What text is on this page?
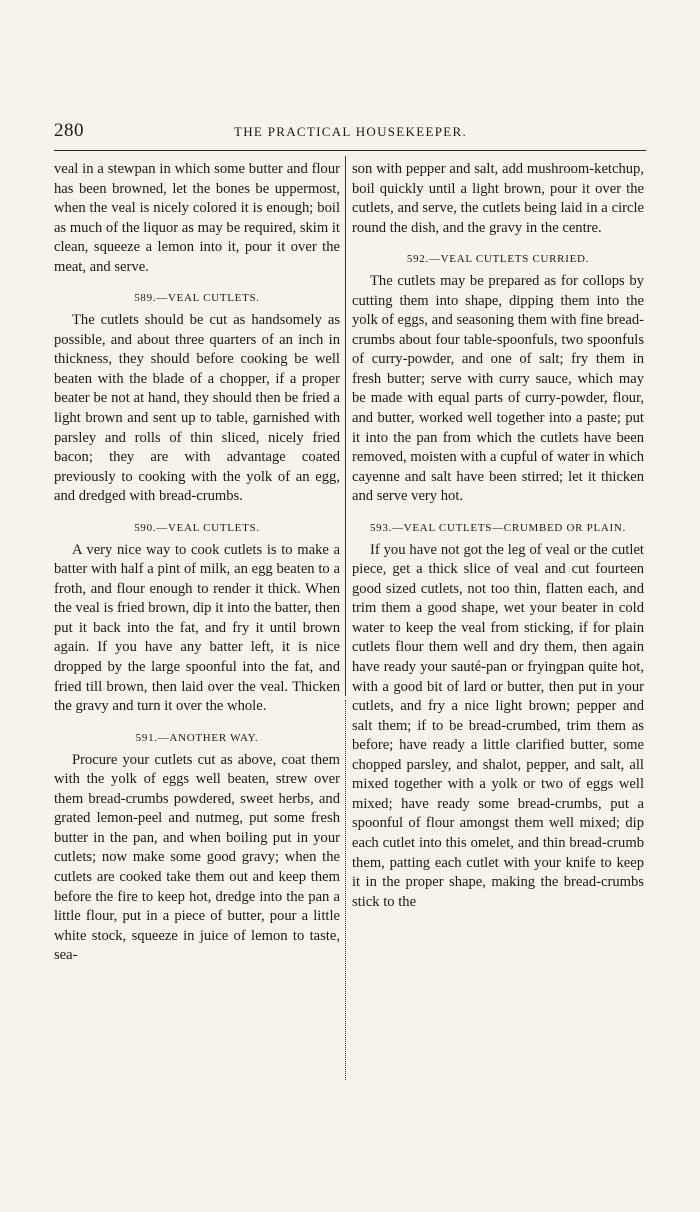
280	THE PRACTICAL HOUSEKEEPER.

veal in a stewpan in which some butter and flour has been browned, let the bones be uppermost, when the veal is nicely colored it is enough; boil as much of the liquor as may be required, skim it clean, squeeze a lemon into it, pour it over the meat, and serve.

589.—VEAL CUTLETS.

The cutlets should be cut as handsomely as possible, and about three quarters of an inch in thickness, they should before cooking be well beaten with the blade of a chopper, if a proper beater be not at hand, they should then be fried a light brown and sent up to table, garnished with parsley and rolls of thin sliced, nicely fried bacon; they are with advantage coated previously to cooking with the yolk of an egg, and dredged with bread-crumbs.

590.—VEAL CUTLETS.

A very nice way to cook cutlets is to make a batter with half a pint of milk, an egg beaten to a froth, and flour enough to render it thick. When the veal is fried brown, dip it into the batter, then put it back into the fat, and fry it until brown again. If you have any batter left, it is nice dropped by the large spoonful into the fat, and fried till brown, then laid over the veal. Thicken the gravy and turn it over the whole.

591.—ANOTHER WAY.

Procure your cutlets cut as above, coat them with the yolk of eggs well beaten, strew over them bread-crumbs powdered, sweet herbs, and grated lemon-peel and nutmeg, put some fresh butter in the pan, and when boiling put in your cutlets; now make some good gravy; when the cutlets are cooked take them out and keep them before the fire to keep hot, dredge into the pan a little flour, put in a piece of butter, pour a little white stock, squeeze in juice of lemon to taste, sea-

son with pepper and salt, add mushroom-ketchup, boil quickly until a light brown, pour it over the cutlets, and serve, the cutlets being laid in a circle round the dish, and the gravy in the centre.

592.—VEAL CUTLETS CURRIED.

The cutlets may be prepared as for collops by cutting them into shape, dipping them into the yolk of eggs, and seasoning them with fine bread-crumbs about four table-spoonfuls, two spoonfuls of curry-powder, and one of salt; fry them in fresh butter; serve with curry sauce, which may be made with equal parts of curry-powder, flour, and butter, worked well together into a paste; put it into the pan from which the cutlets have been removed, moisten with a cupful of water in which cayenne and salt have been stirred; let it thicken and serve very hot.

593.—VEAL CUTLETS—CRUMBED OR PLAIN.

If you have not got the leg of veal or the cutlet piece, get a thick slice of veal and cut fourteen good sized cutlets, not too thin, flatten each, and trim them a good shape, wet your beater in cold water to keep the veal from sticking, if for plain cutlets flour them well and dry them, then again have ready your sauté-pan or fryingpan quite hot, with a good bit of lard or butter, then put in your cutlets, and fry a nice light brown; pepper and salt them; if to be bread-crumbed, trim them as before; have ready a little clarified butter, some chopped parsley, and shalot, pepper, and salt, all mixed together with a yolk or two of eggs well mixed; have ready some bread-crumbs, put a spoonful of flour amongst them well mixed; dip each cutlet into this omelet, and thin bread-crumb them, patting each cutlet with your knife to keep it in the proper shape, making the bread-crumbs stick to the
